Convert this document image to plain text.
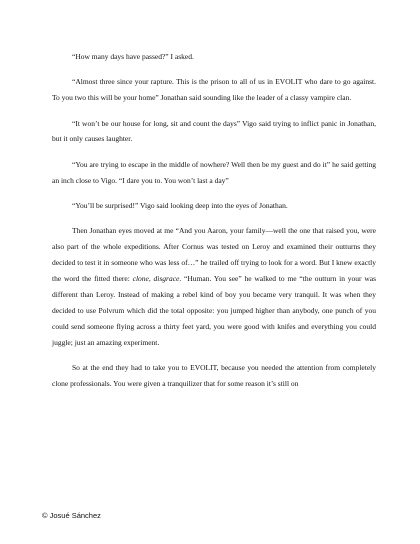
“How many days have passed?” I asked.

“Almost three since your rapture. This is the prison to all of us in EVOLIT who dare to go against. To you two this will be your home” Jonathan said sounding like the leader of a classy vampire clan.

“It won’t be our house for long, sit and count the days” Vigo said trying to inflict panic in Jonathan, but it only causes laughter.

“You are trying to escape in the middle of nowhere? Well then be my guest and do it” he said getting an inch close to Vigo. “I dare you to. You won’t last a day”

“You’ll be surprised!” Vigo said looking deep into the eyes of Jonathan.

Then Jonathan eyes moved at me “And you Aaron, your family—well the one that raised you, were also part of the whole expeditions. After Cornus was tested on Leroy and examined their outturns they decided to test it in someone who was less of…” he trailed off trying to look for a word. But I knew exactly the word the fitted there: clone, disgrace. “Human. You see” he walked to me “the outturn in your was different than Leroy. Instead of making a rebel kind of boy you became very tranquil. It was when they decided to use Polvrum which did the total opposite: you jumped higher than anybody, one punch of you could send someone flying across a thirty feet yard, you were good with knifes and everything you could juggle; just an amazing experiment.

So at the end they had to take you to EVOLIT, because you needed the attention from completely clone professionals. You were given a tranquilizer that for some reason it’s still on

© Josué Sánchez
